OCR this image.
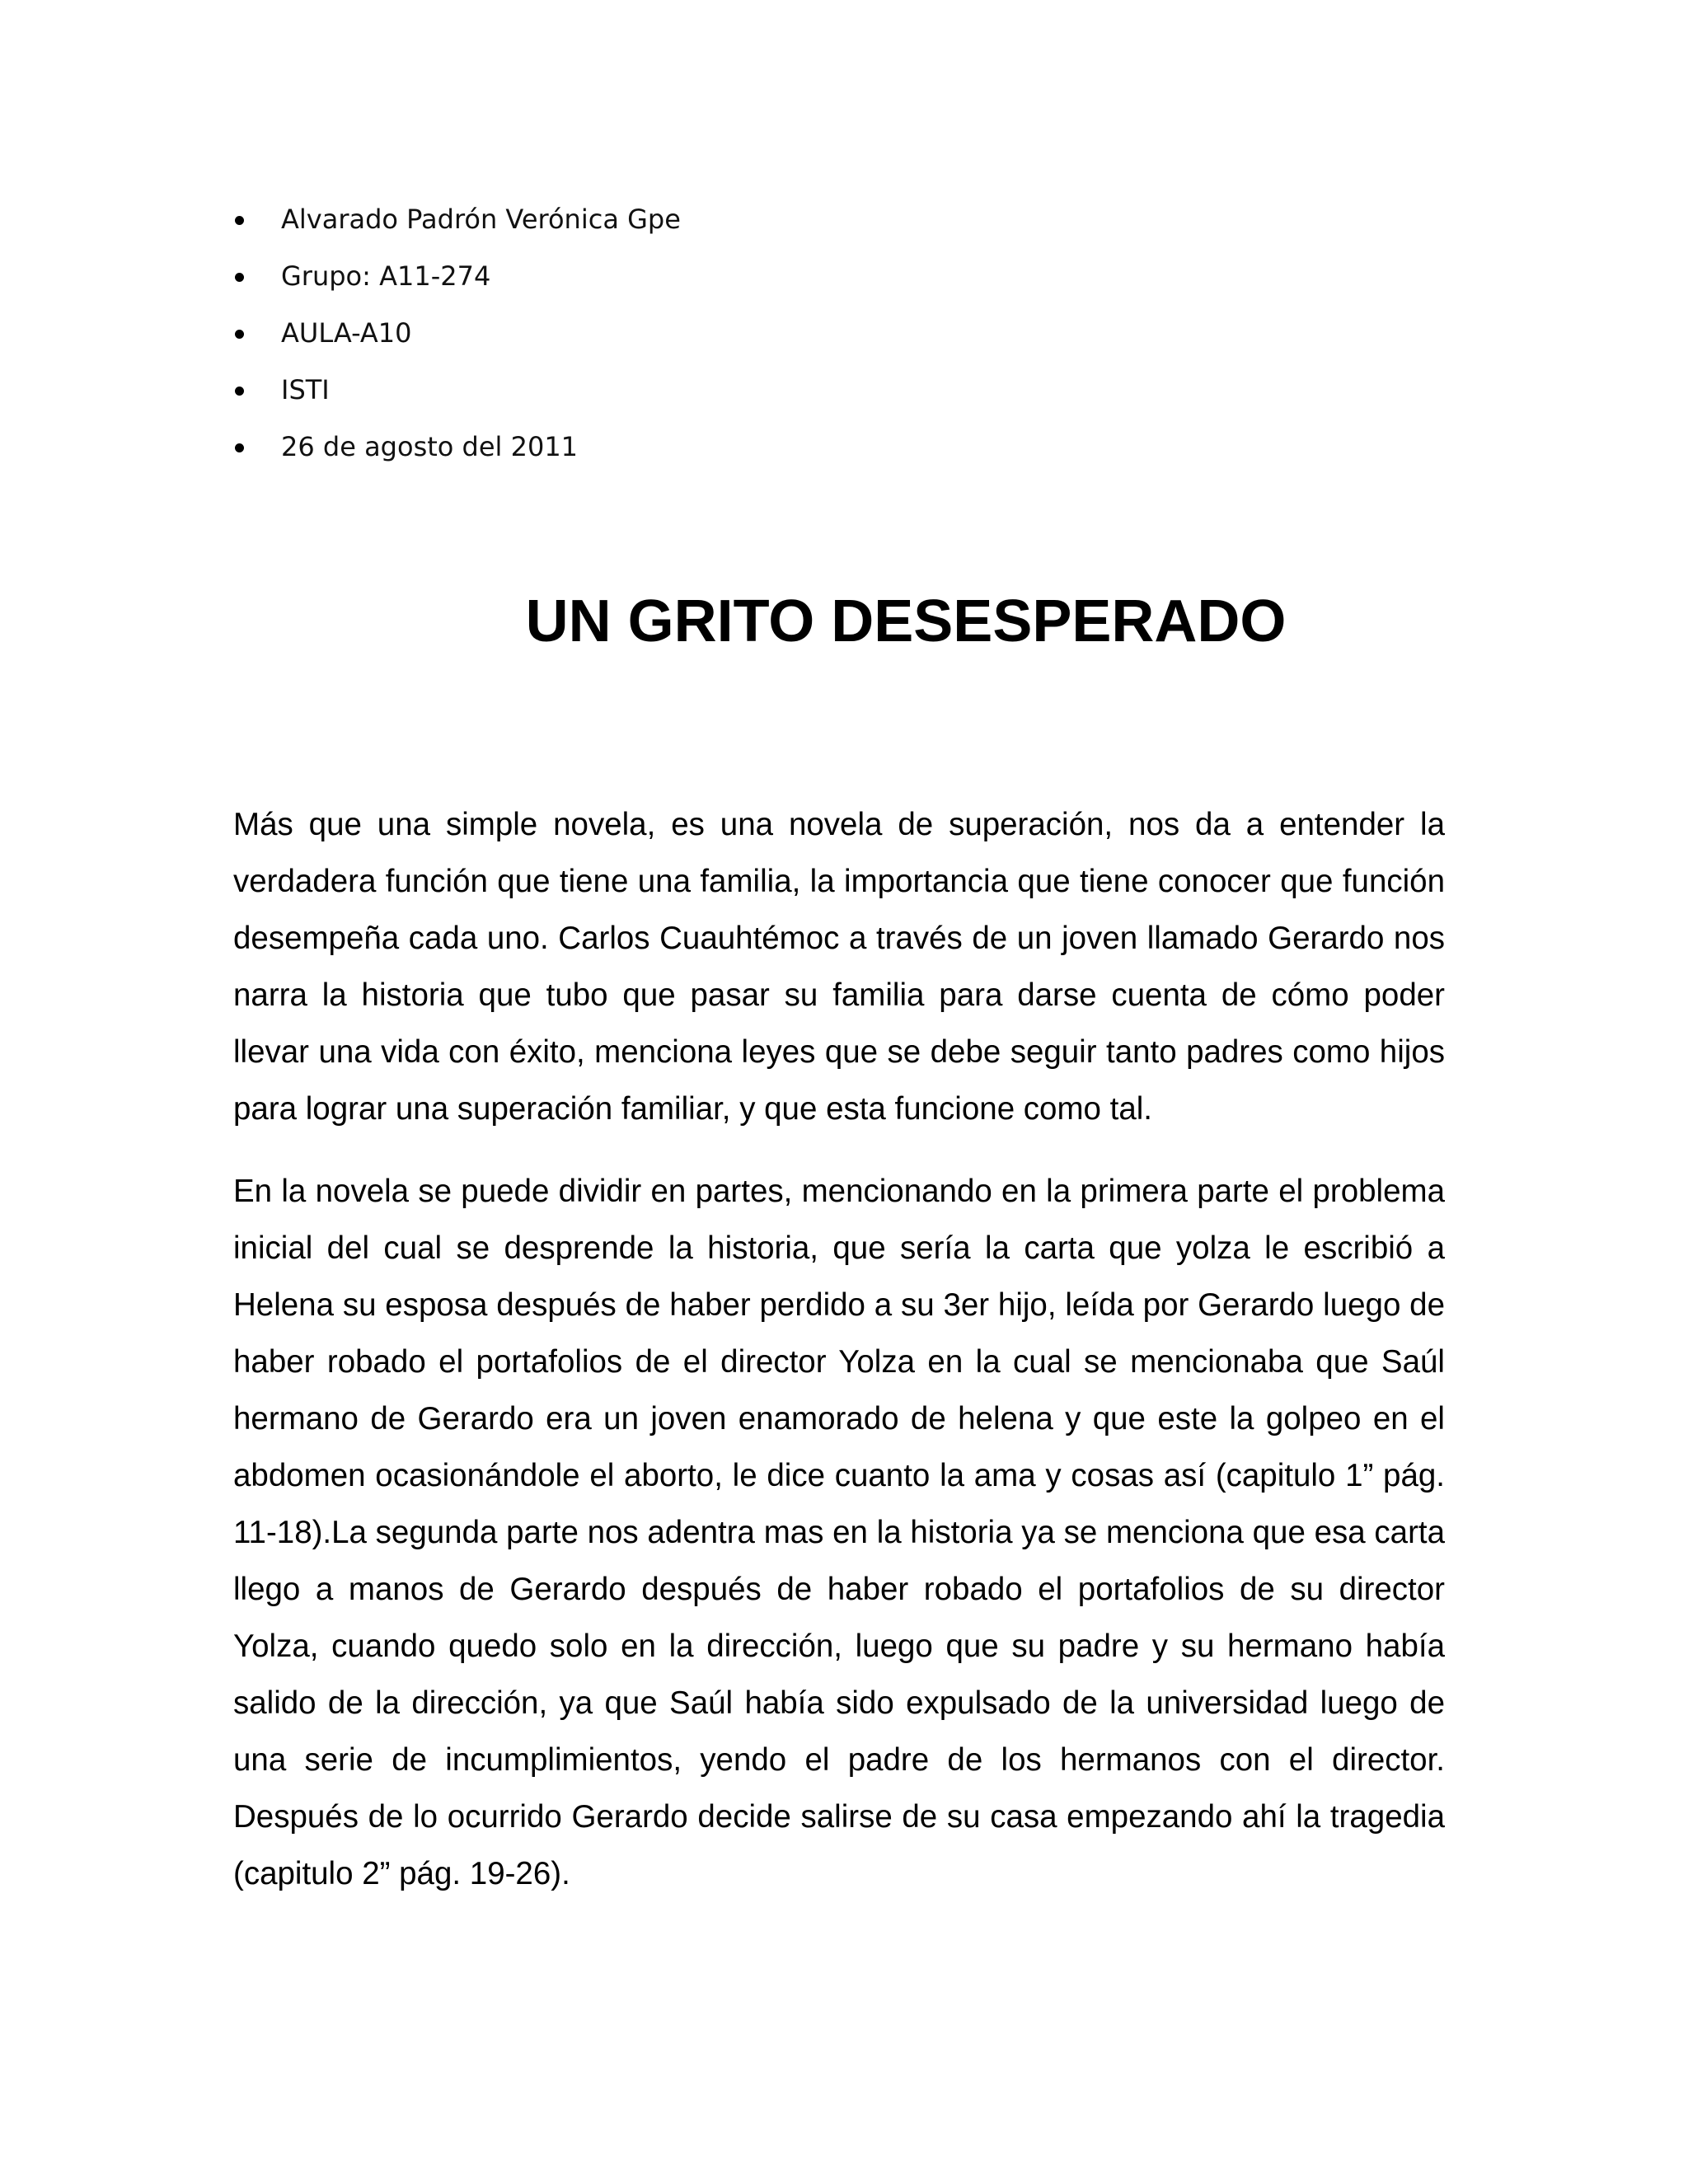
Alvarado Padrón Verónica Gpe
Grupo: A11-274
AULA-A10
ISTI
26 de agosto del 2011
UN GRITO DESESPERADO

Más que una simple novela, es una novela de superación, nos da a entender la verdadera función que tiene una familia, la importancia que tiene conocer que función desempeña cada uno. Carlos Cuauhtémoc a través de un joven llamado Gerardo nos narra la historia que tubo que pasar su familia para darse cuenta de cómo poder llevar una vida con éxito, menciona leyes que se debe seguir tanto padres como hijos para lograr una superación familiar, y que esta funcione como tal.

En la novela se puede dividir en partes, mencionando en la primera parte el problema inicial del cual se desprende la historia, que sería la carta que yolza le escribió a Helena su esposa después de haber perdido a su 3er hijo, leída por Gerardo luego de haber robado el portafolios de el director Yolza en la cual se mencionaba que Saúl hermano de Gerardo era un joven enamorado de helena y que este la golpeo en el abdomen ocasionándole el aborto, le dice cuanto la ama y cosas así (capitulo 1” pág. 11-18).La segunda parte nos adentra mas en la historia ya se menciona que esa carta llego a manos de Gerardo después de haber robado el portafolios de su director Yolza, cuando quedo solo en la dirección, luego que su padre y su hermano había salido de la dirección, ya que Saúl había sido expulsado de la universidad luego de una serie de incumplimientos, yendo el padre de los hermanos con el director. Después de lo ocurrido Gerardo decide salirse de su casa empezando ahí la tragedia (capitulo 2” pág. 19-26).
